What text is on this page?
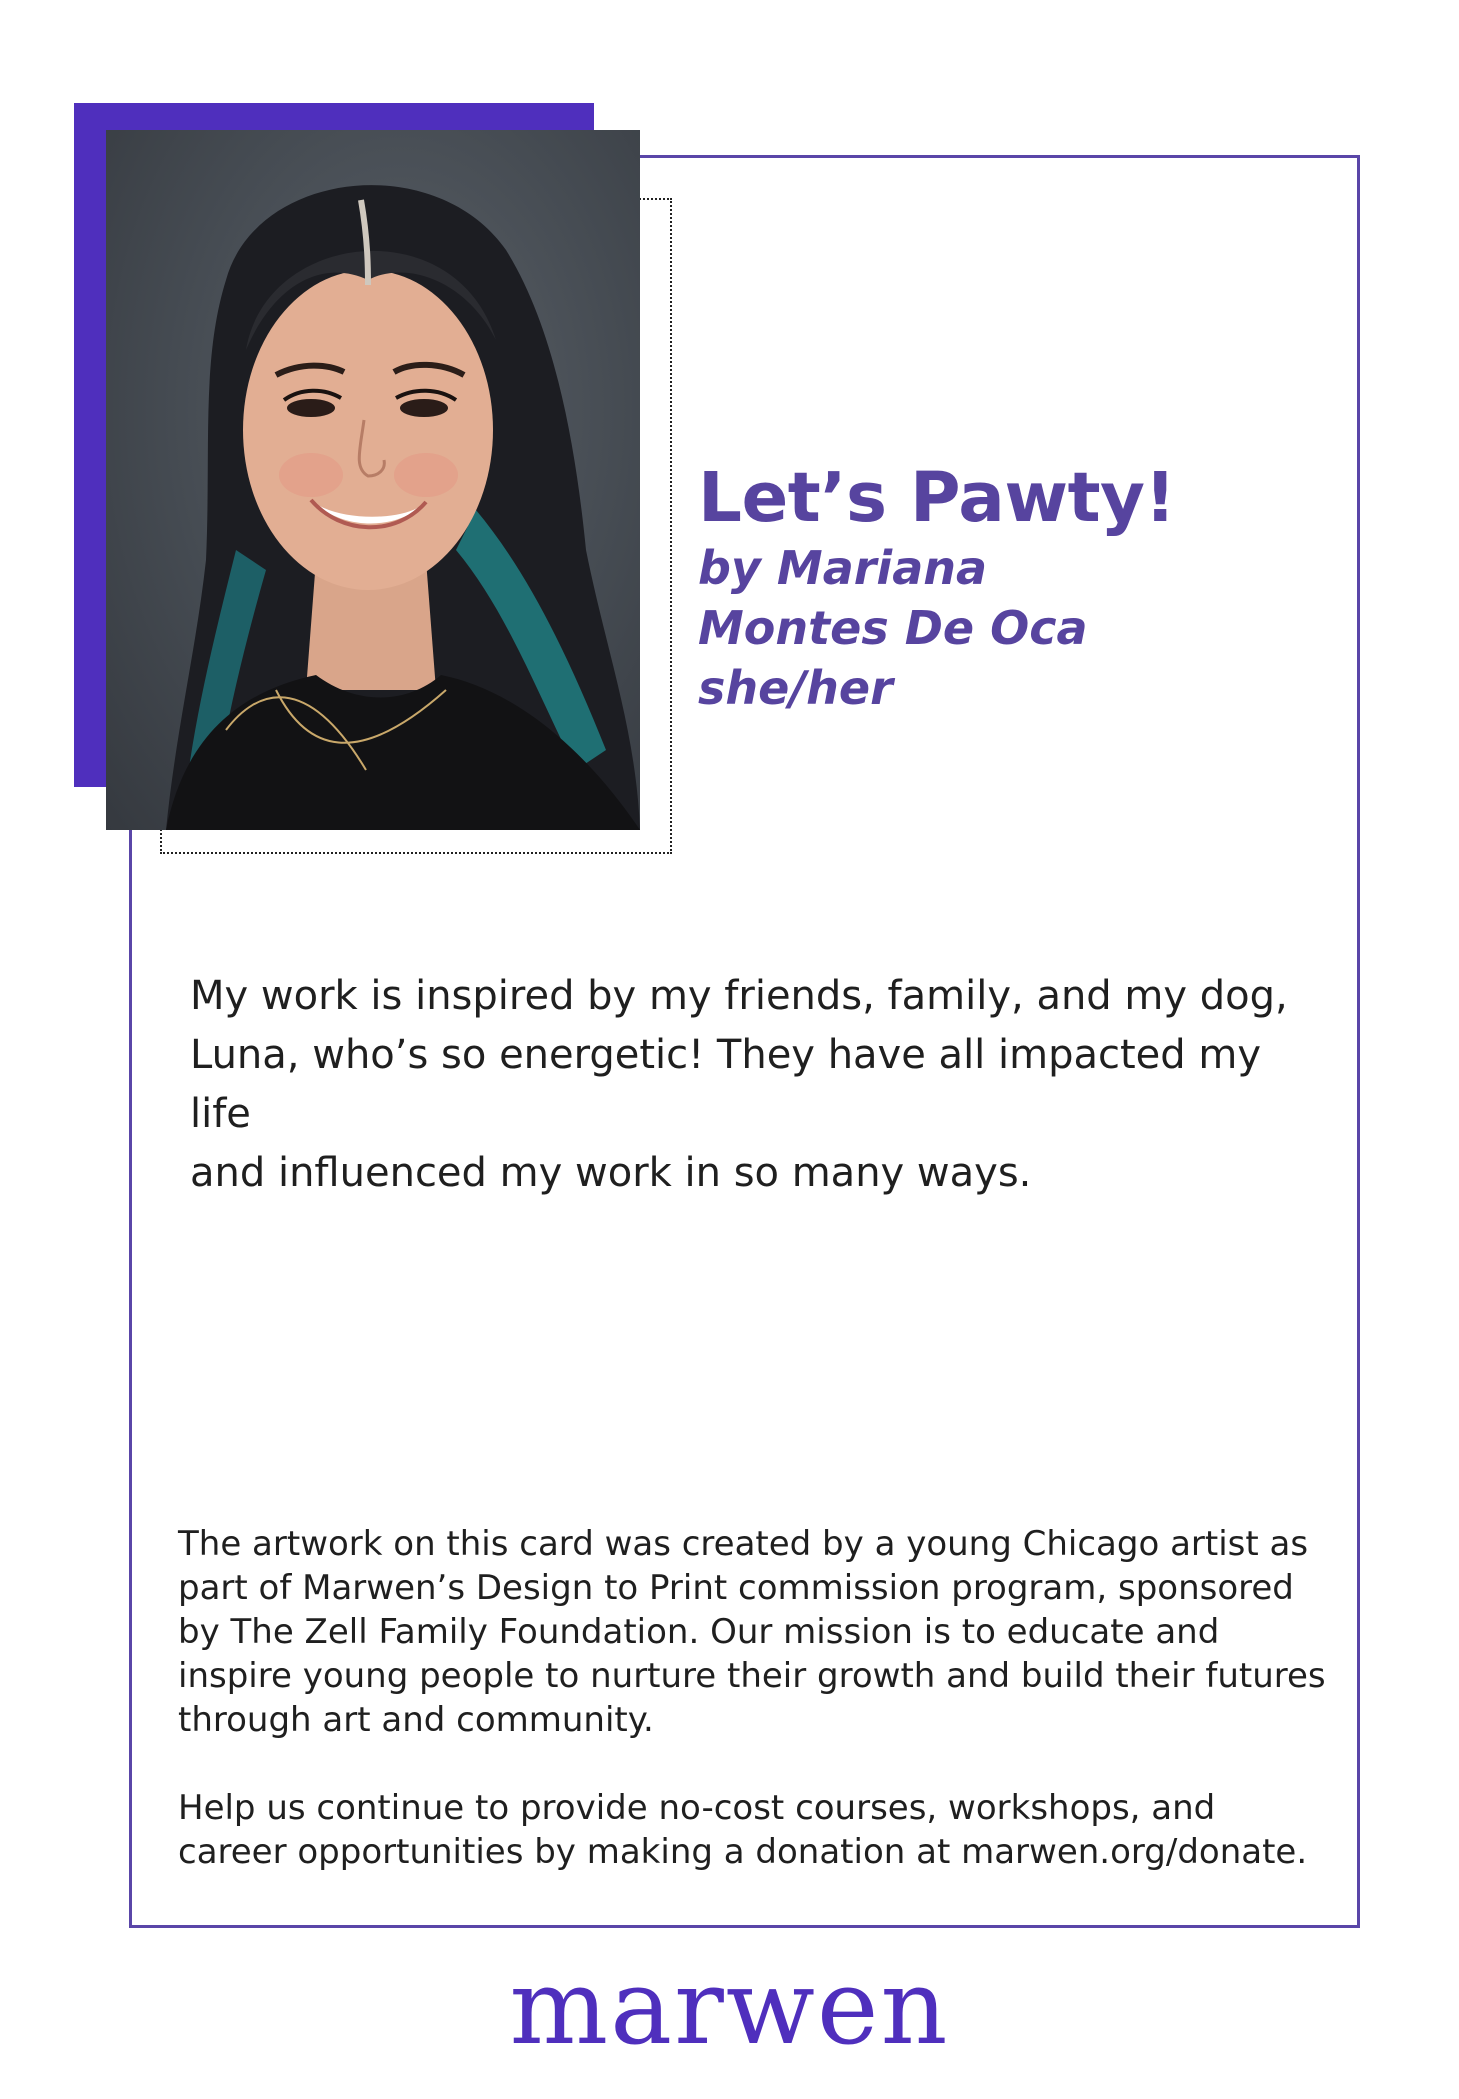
Let’s Pawty!
by Mariana
Montes De Oca
she/her
My work is inspired by my friends, family, and my dog,
Luna, who’s so energetic! They have all impacted my life
and influenced my work in so many ways.

The artwork on this card was created by a young Chicago artist as
part of Marwen’s Design to Print commission program, sponsored
by The Zell Family Foundation. Our mission is to educate and
inspire young people to nurture their growth and build their futures
through art and community.

Help us continue to provide no-cost courses, workshops, and
career opportunities by making a donation at marwen.org/donate.

marwen
